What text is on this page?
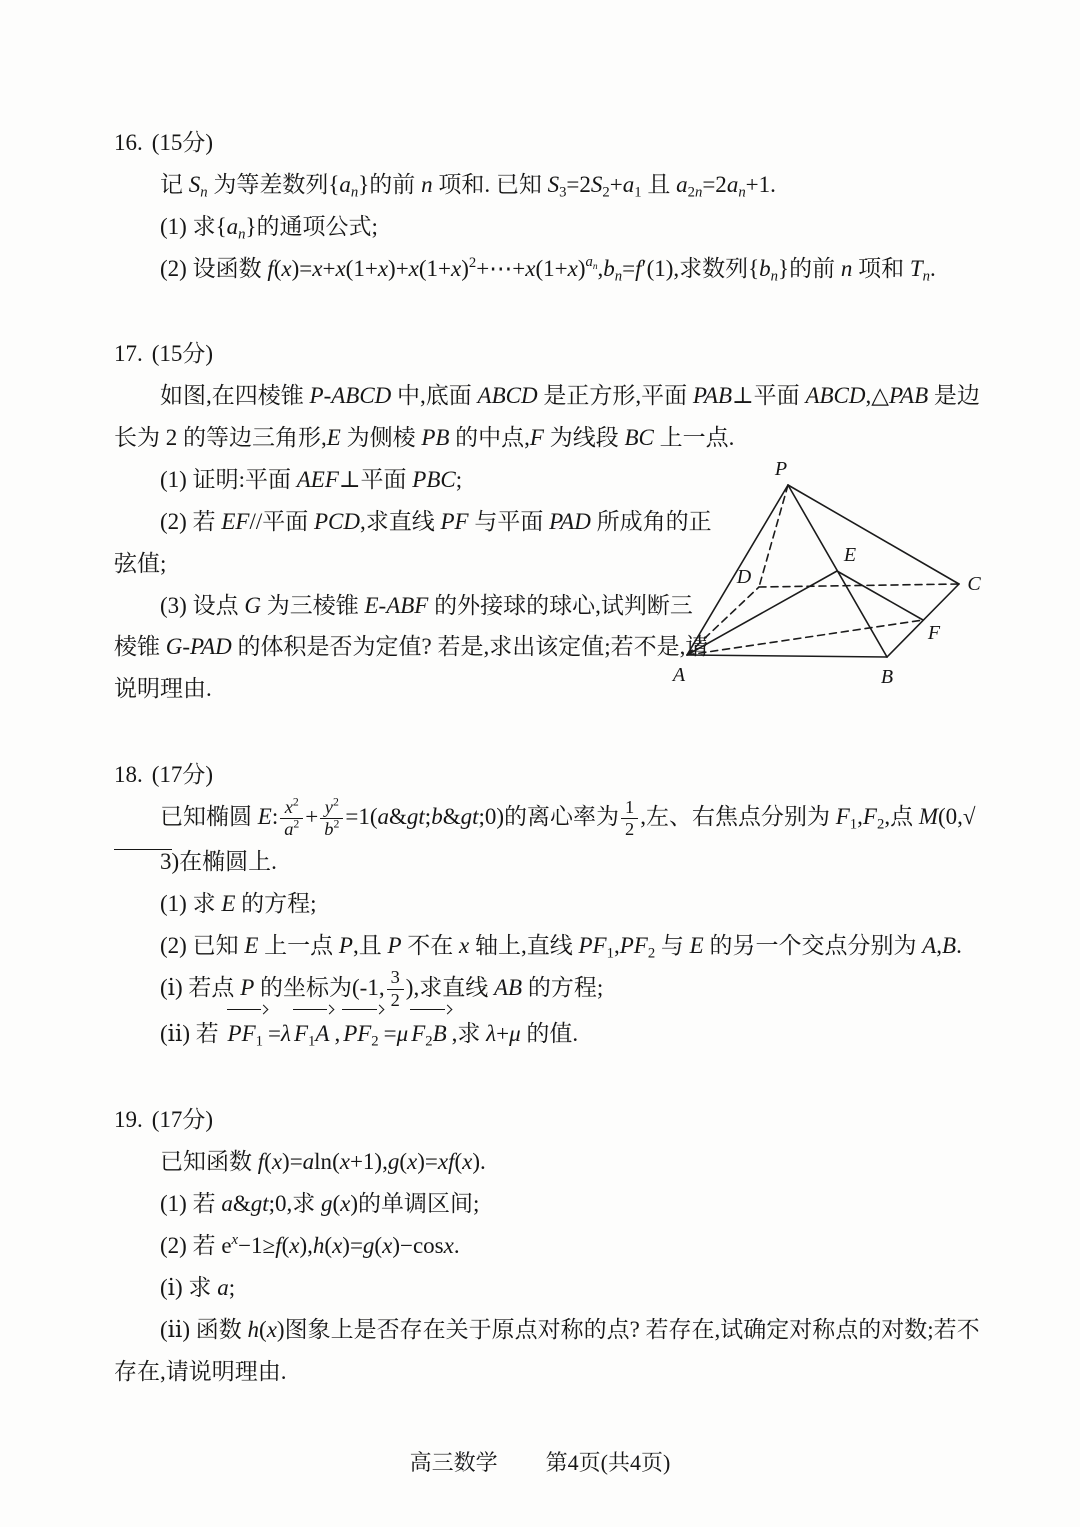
16. (15分)

记 $S_n$ 为等差数列$\{a_n\}$的前 n 项和. 已知 $S_3=2S_2+a_1$ 且 $a_{2n}=2a_n+1$.

(1) 求$\{a_n\}$的通项公式;

(2) 设函数 $f(x)=x+x(1+x)+x(1+x)^2+\cdots+x(1+x)^{a_n},b_n=f'(1)$,求数列$\{b_n\}$的前 n 项和 $T_n$.

17. (15分)

如图,在四棱锥 P-ABCD 中,底面 ABCD 是正方形,平面 PAB⊥平面 ABCD,△PAB 是边长为 2 的等边三角形,E 为侧棱 PB 的中点,F 为线段 BC 上一点.

(1) 证明:平面 AEF⊥平面 PBC;

(2) 若 EF//平面 PCD,求直线 PF 与平面 PAD 所成角的正弦值;

(3) 设点 G 为三棱锥 E-ABF 的外接球的球心,试判断三棱锥 G-PAD 的体积是否为定值? 若是,求出该定值;若不是,请说明理由.

P
E
D	C
F
A	B

18. (17分)

已知椭圆 E: $\frac{x^2}{a^2} + \frac{y^2}{b^2}$ =1(a&gt;b&gt;0)的离心率为 $\frac{1}{2}$ ,左、右焦点分别为 $F_1,F_2$,点 M(0,√3)在椭圆上.

(1) 求 E 的方程;

(2) 已知 E 上一点 P,且 P 不在 x 轴上,直线 $PF_1,PF_2$ 与 E 的另一个交点分别为 A,B.

(ⅰ) 若点 P 的坐标为(-1, $\frac{3}{2}$ ),求直线 AB 的方程;

(ⅱ) 若 $PF_1 =\lambda$ $F_1A$ , $PF_2 =\mu$ $F_2B$ ,求 λ+μ 的值.

19. (17分)

已知函数 f(x)=aln(x+1),g(x)=xf(x).

(1) 若 a&gt;0,求 g(x)的单调区间;

(2) 若 $e^x-1\ge f(x),h(x)=g(x)-\cos x$.

(ⅰ) 求 a;

(ⅱ) 函数 h(x)图象上是否存在关于原点对称的点? 若存在,试确定对称点的对数;若不存在,请说明理由.

高三数学 第4页(共4页)
